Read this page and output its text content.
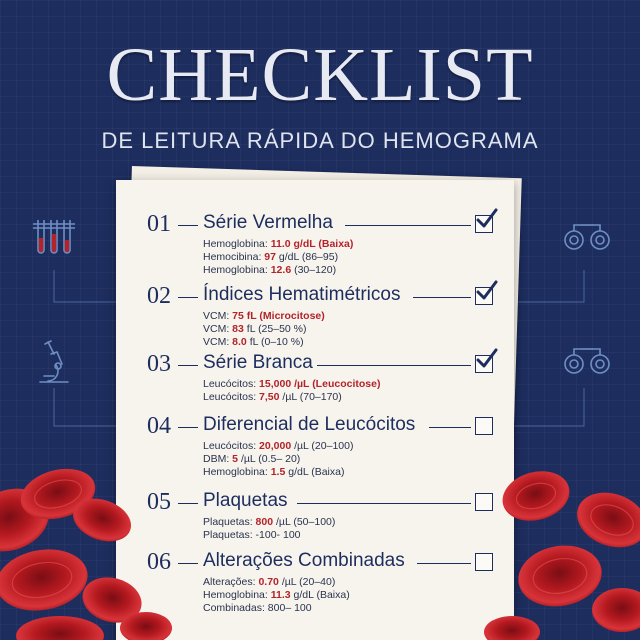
CHECKLIST
DE LEITURA RÁPIDA DO HEMOGRAMA
01 Série Vermelha
Hemoglobina: 11.0 g/dL (Baixa)
Hemocibina: 97 g/dL (86–95)
Hemoglobina: 12.6 (30–120)
02 Índices Hematimétricos
VCM: 75 fL (Microcitose)
VCM: 83 fL (25–50 %)
VCM: 8.0 fL (0–10 %)
03 Série Branca
Leucócitos: 15,000 /µL (Leucocitose)
Leucócitos: 7,50 /µL (70–170)
04 Diferencial de Leucócitos
Leucócitos: 20,000 /µL (20–100)
DBM: 5 /µL (0.5– 20)
Hemoglobina: 1.5 g/dL (Baixa)
05 Plaquetas
Plaquetas: 800 /µL (50–100)
Plaquetas: -100- 100
06 Alterações Combinadas
Alterações: 0.70 /µL (20–40)
Hemoglobina: 11.3 g/dL (Baixa)
Combinadas: 800– 100
